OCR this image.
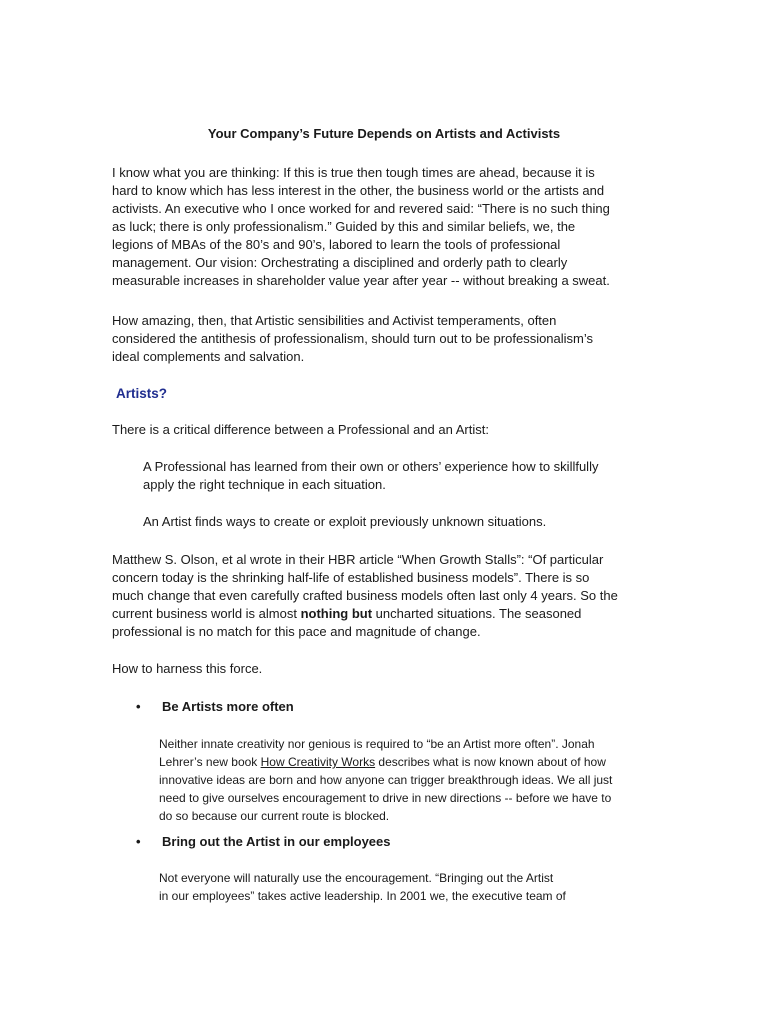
Your Company’s Future Depends on Artists and Activists
I know what you are thinking: If this is true then tough times are ahead, because it is
hard to know which has less interest in the other, the business world or the artists and
activists. An executive who I once worked for and revered said: “There is no such thing
as luck; there is only professionalism.” Guided by this and similar beliefs, we, the
legions of MBAs of the 80’s and 90’s, labored to learn the tools of professional
management. Our vision: Orchestrating a disciplined and orderly path to clearly
measurable increases in shareholder value year after year -- without breaking a sweat.
How amazing, then, that Artistic sensibilities and Activist temperaments, often
considered the antithesis of professionalism, should turn out to be professionalism’s
ideal complements and salvation.
Artists?
There is a critical difference between a Professional and an Artist:
A Professional has learned from their own or others’ experience how to skillfully
apply the right technique in each situation.
An Artist finds ways to create or exploit previously unknown situations.
Matthew S. Olson, et al wrote in their HBR article “When Growth Stalls”: “Of particular
concern today is the shrinking half-life of established business models”. There is so
much change that even carefully crafted business models often last only 4 years. So the
current business world is almost nothing but uncharted situations. The seasoned
professional is no match for this pace and magnitude of change.
How to harness this force.
• Be Artists more often
Neither innate creativity nor genious is required to “be an Artist more often”. Jonah
Lehrer’s new book How Creativity Works describes what is now known about of how
innovative ideas are born and how anyone can trigger breakthrough ideas. We all just
need to give ourselves encouragement to drive in new directions -- before we have to
do so because our current route is blocked.
• Bring out the Artist in our employees
Not everyone will naturally use the encouragement. “Bringing out the Artist
in our employees” takes active leadership. In 2001 we, the executive team of
